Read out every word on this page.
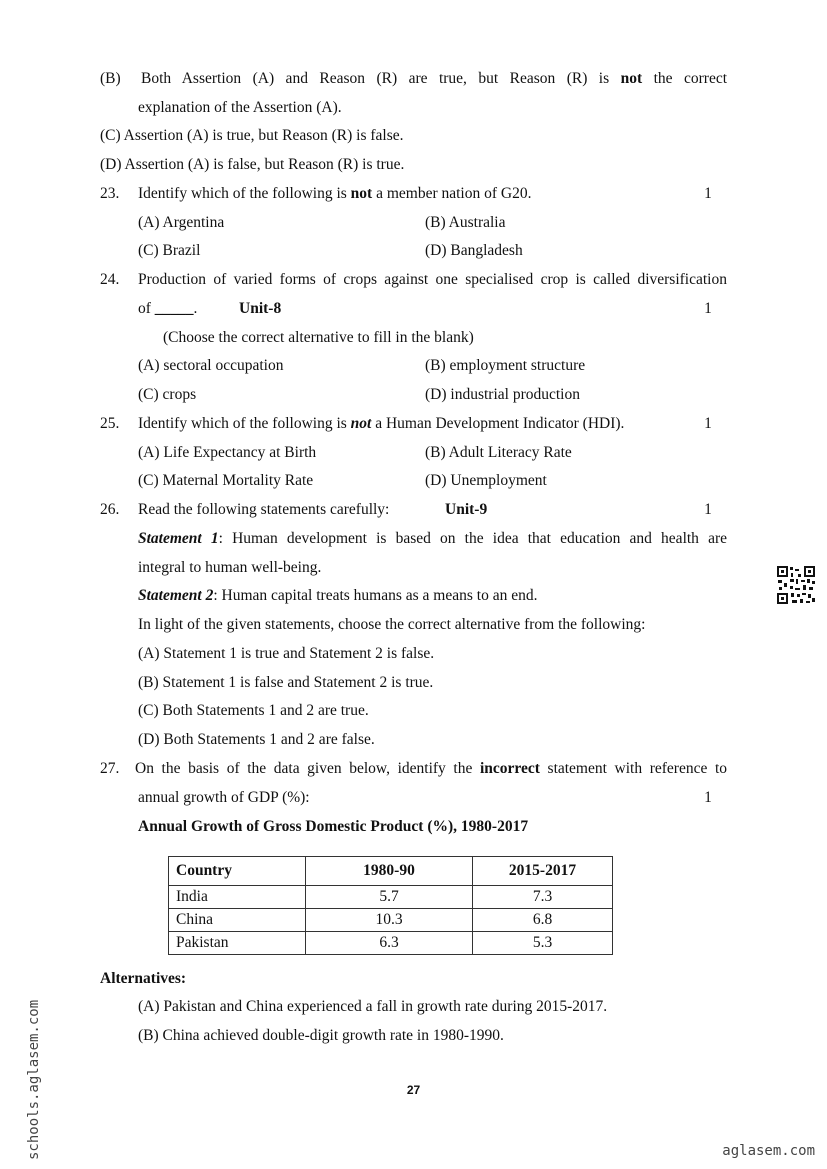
(B) Both Assertion (A) and Reason (R) are true, but Reason (R) is not the correct
explanation of the Assertion (A).
(C) Assertion (A) is true, but Reason (R) is false.
(D) Assertion (A) is false, but Reason (R) is true.
23. Identify which of the following is not a member nation of G20.	1
(A) Argentina	(B) Australia
(C) Brazil	(D) Bangladesh
24. Production of varied forms of crops against one specialised crop is called diversification
of _____.	Unit-8	1
(Choose the correct alternative to fill in the blank)
(A) sectoral occupation	(B) employment structure
(C) crops	(D) industrial production
25. Identify which of the following is not a Human Development Indicator (HDI).	1
(A) Life Expectancy at Birth	(B) Adult Literacy Rate
(C) Maternal Mortality Rate	(D) Unemployment
26. Read the following statements carefully:	Unit-9	1
Statement 1: Human development is based on the idea that education and health are
integral to human well-being.
Statement 2: Human capital treats humans as a means to an end.
In light of the given statements, choose the correct alternative from the following:
(A) Statement 1 is true and Statement 2 is false.
(B) Statement 1 is false and Statement 2 is true.
(C) Both Statements 1 and 2 are true.
(D) Both Statements 1 and 2 are false.
27. On the basis of the data given below, identify the incorrect statement with reference to
annual growth of GDP (%):	1
Annual Growth of Gross Domestic Product (%), 1980-2017
Country	1980-90	2015-2017
India	5.7	7.3
China	10.3	6.8
Pakistan	6.3	5.3
Alternatives:
(A) Pakistan and China experienced a fall in growth rate during 2015-2017.
(B) China achieved double-digit growth rate in 1980-1990.
27
schools.aglasem.com	aglasem.com
